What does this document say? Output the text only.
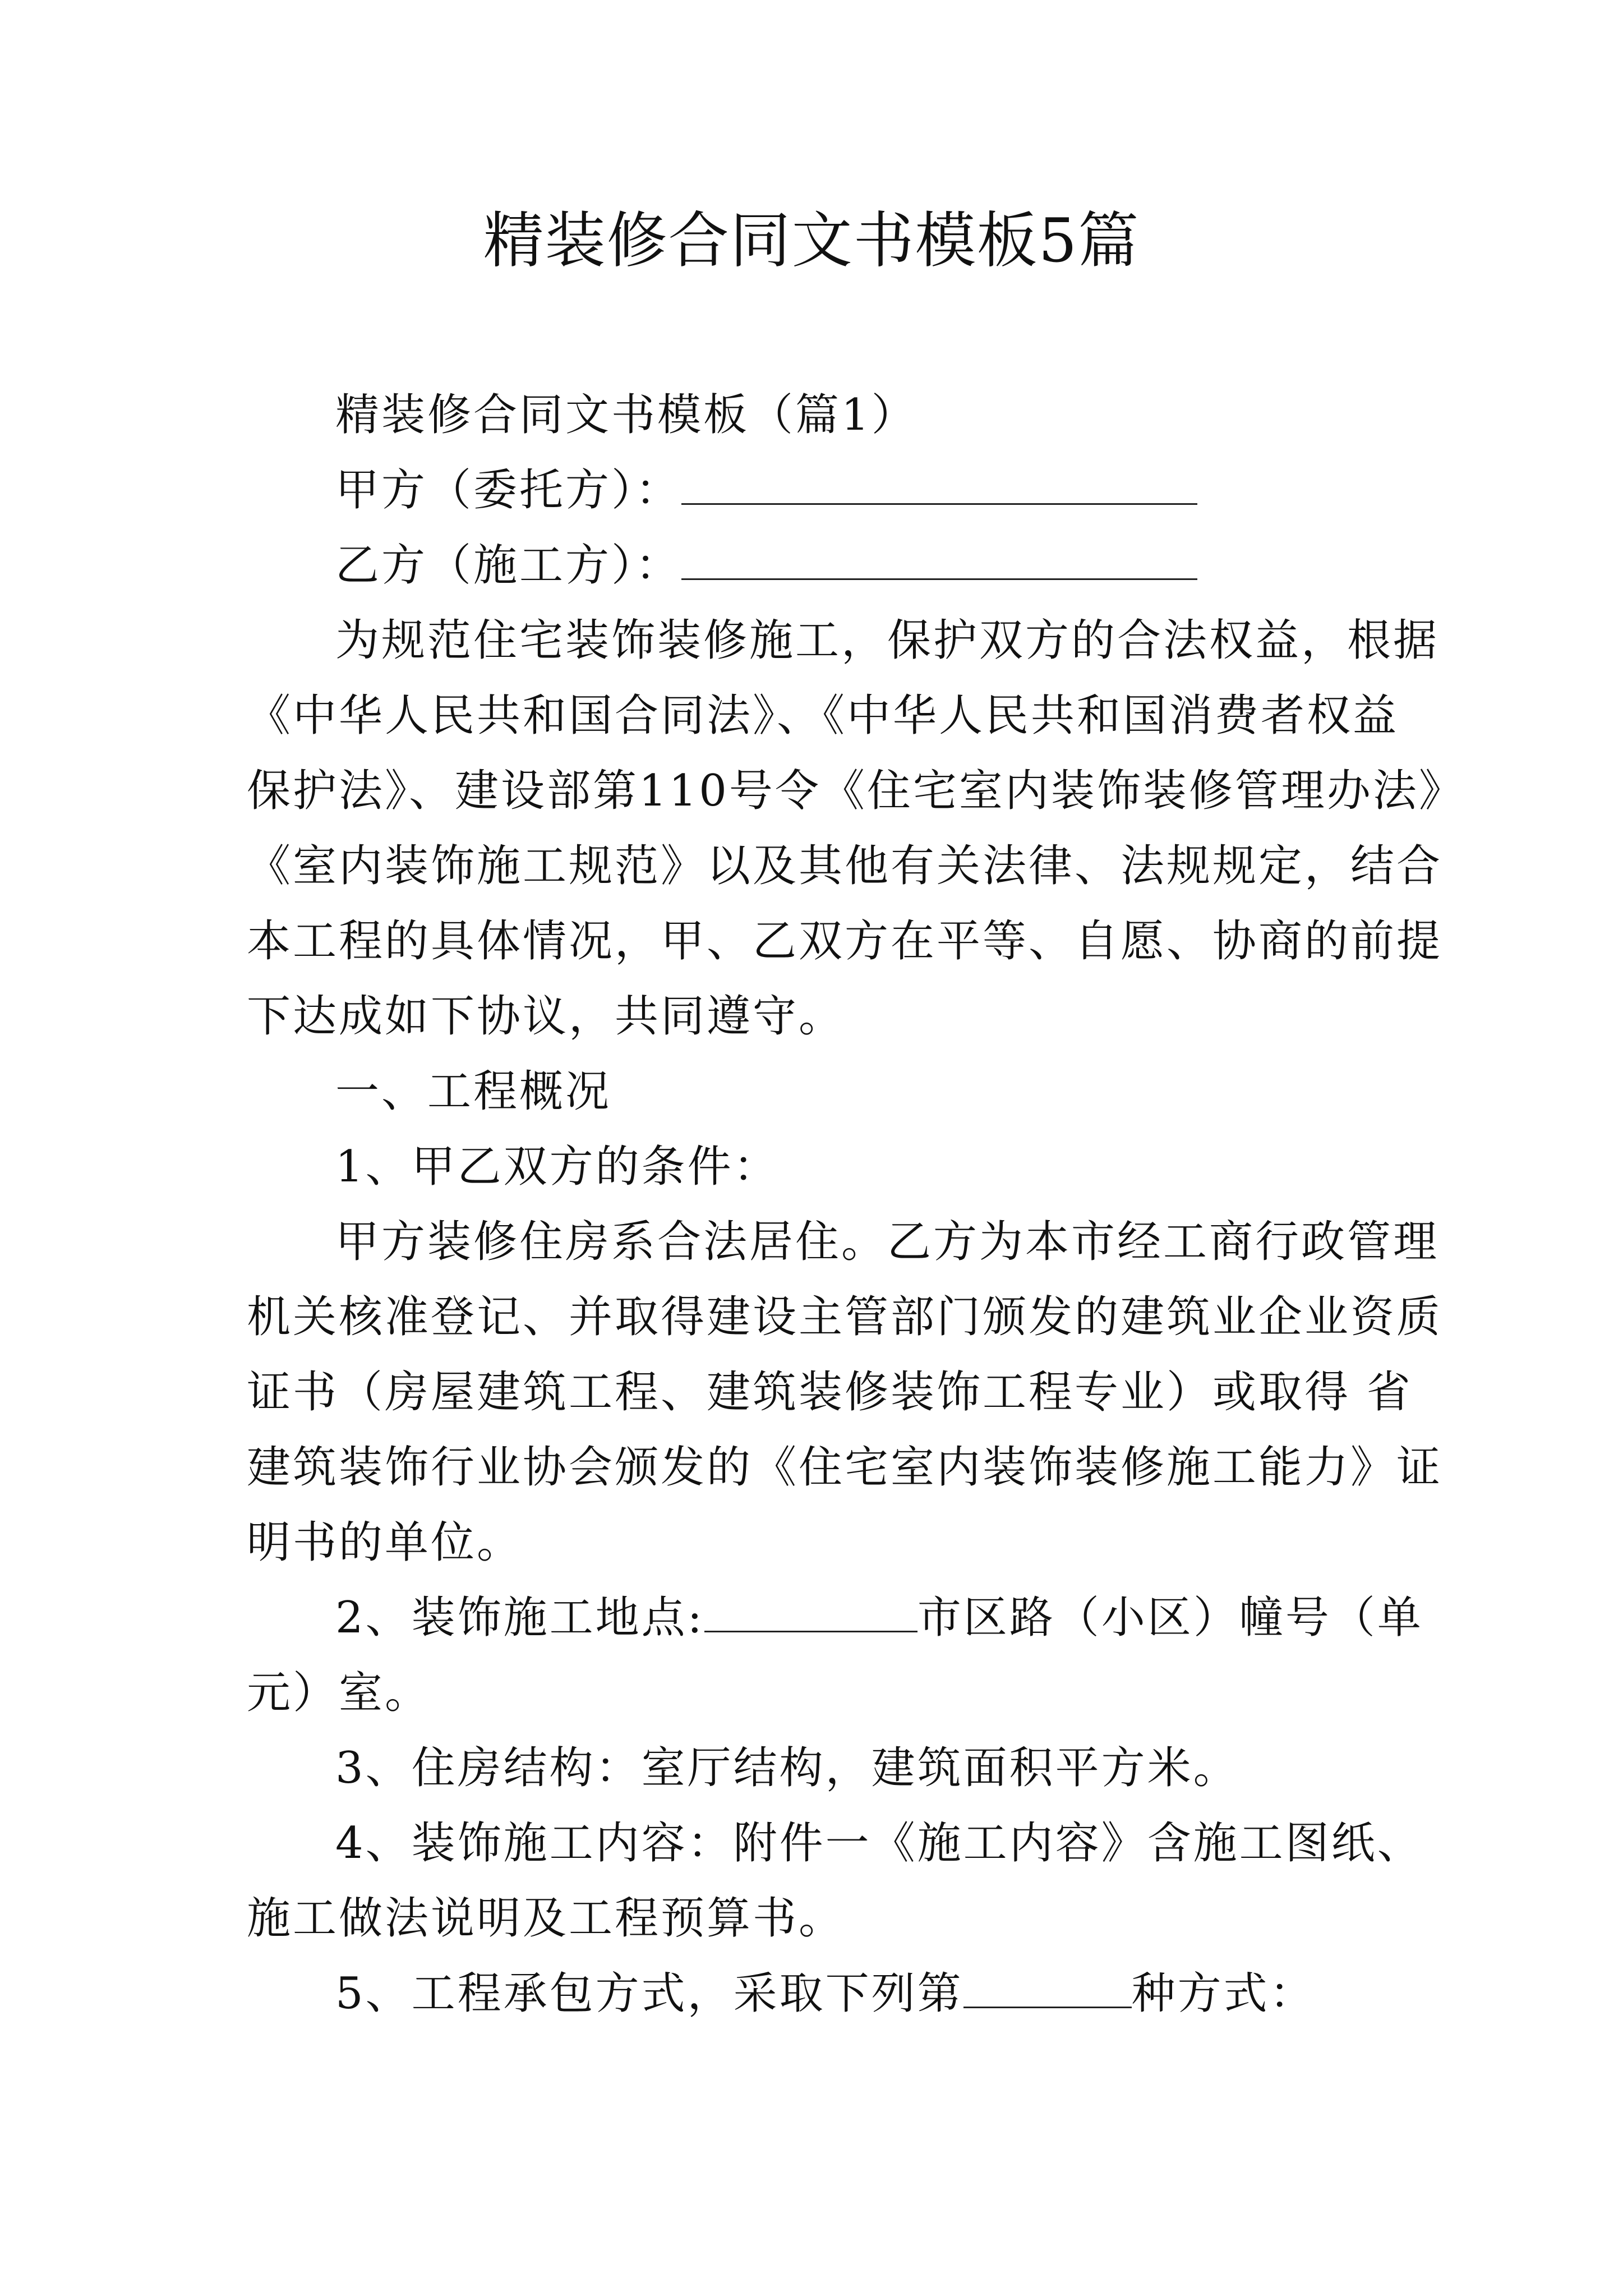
精装修合同文书模板5篇
精装修合同文书模板（篇1）
甲方（委托方）：
乙方（施工方）：
为规范住宅装饰装修施工，保护双方的合法权益，根据
《中华人民共和国合同法》、《中华人民共和国消费者权益
保护法》、建设部第110号令《住宅室内装饰装修管理办法》
《室内装饰施工规范》以及其他有关法律、法规规定，结合
本工程的具体情况，甲、乙双方在平等、自愿、协商的前提
下达成如下协议，共同遵守。
一、工程概况
1、甲乙双方的条件：
甲方装修住房系合法居住。乙方为本市经工商行政管理
机关核准登记、并取得建设主管部门颁发的建筑业企业资质
证书（房屋建筑工程、建筑装修装饰工程专业）或取得 省
建筑装饰行业协会颁发的《住宅室内装饰装修施工能力》证
明书的单位。
2、装饰施工地点:	市区路（小区）幢号（单
元）室。
3、住房结构：室厅结构，建筑面积平方米。
4、装饰施工内容：附件一《施工内容》含施工图纸、
施工做法说明及工程预算书。
5、工程承包方式，采取下列第	种方式：
